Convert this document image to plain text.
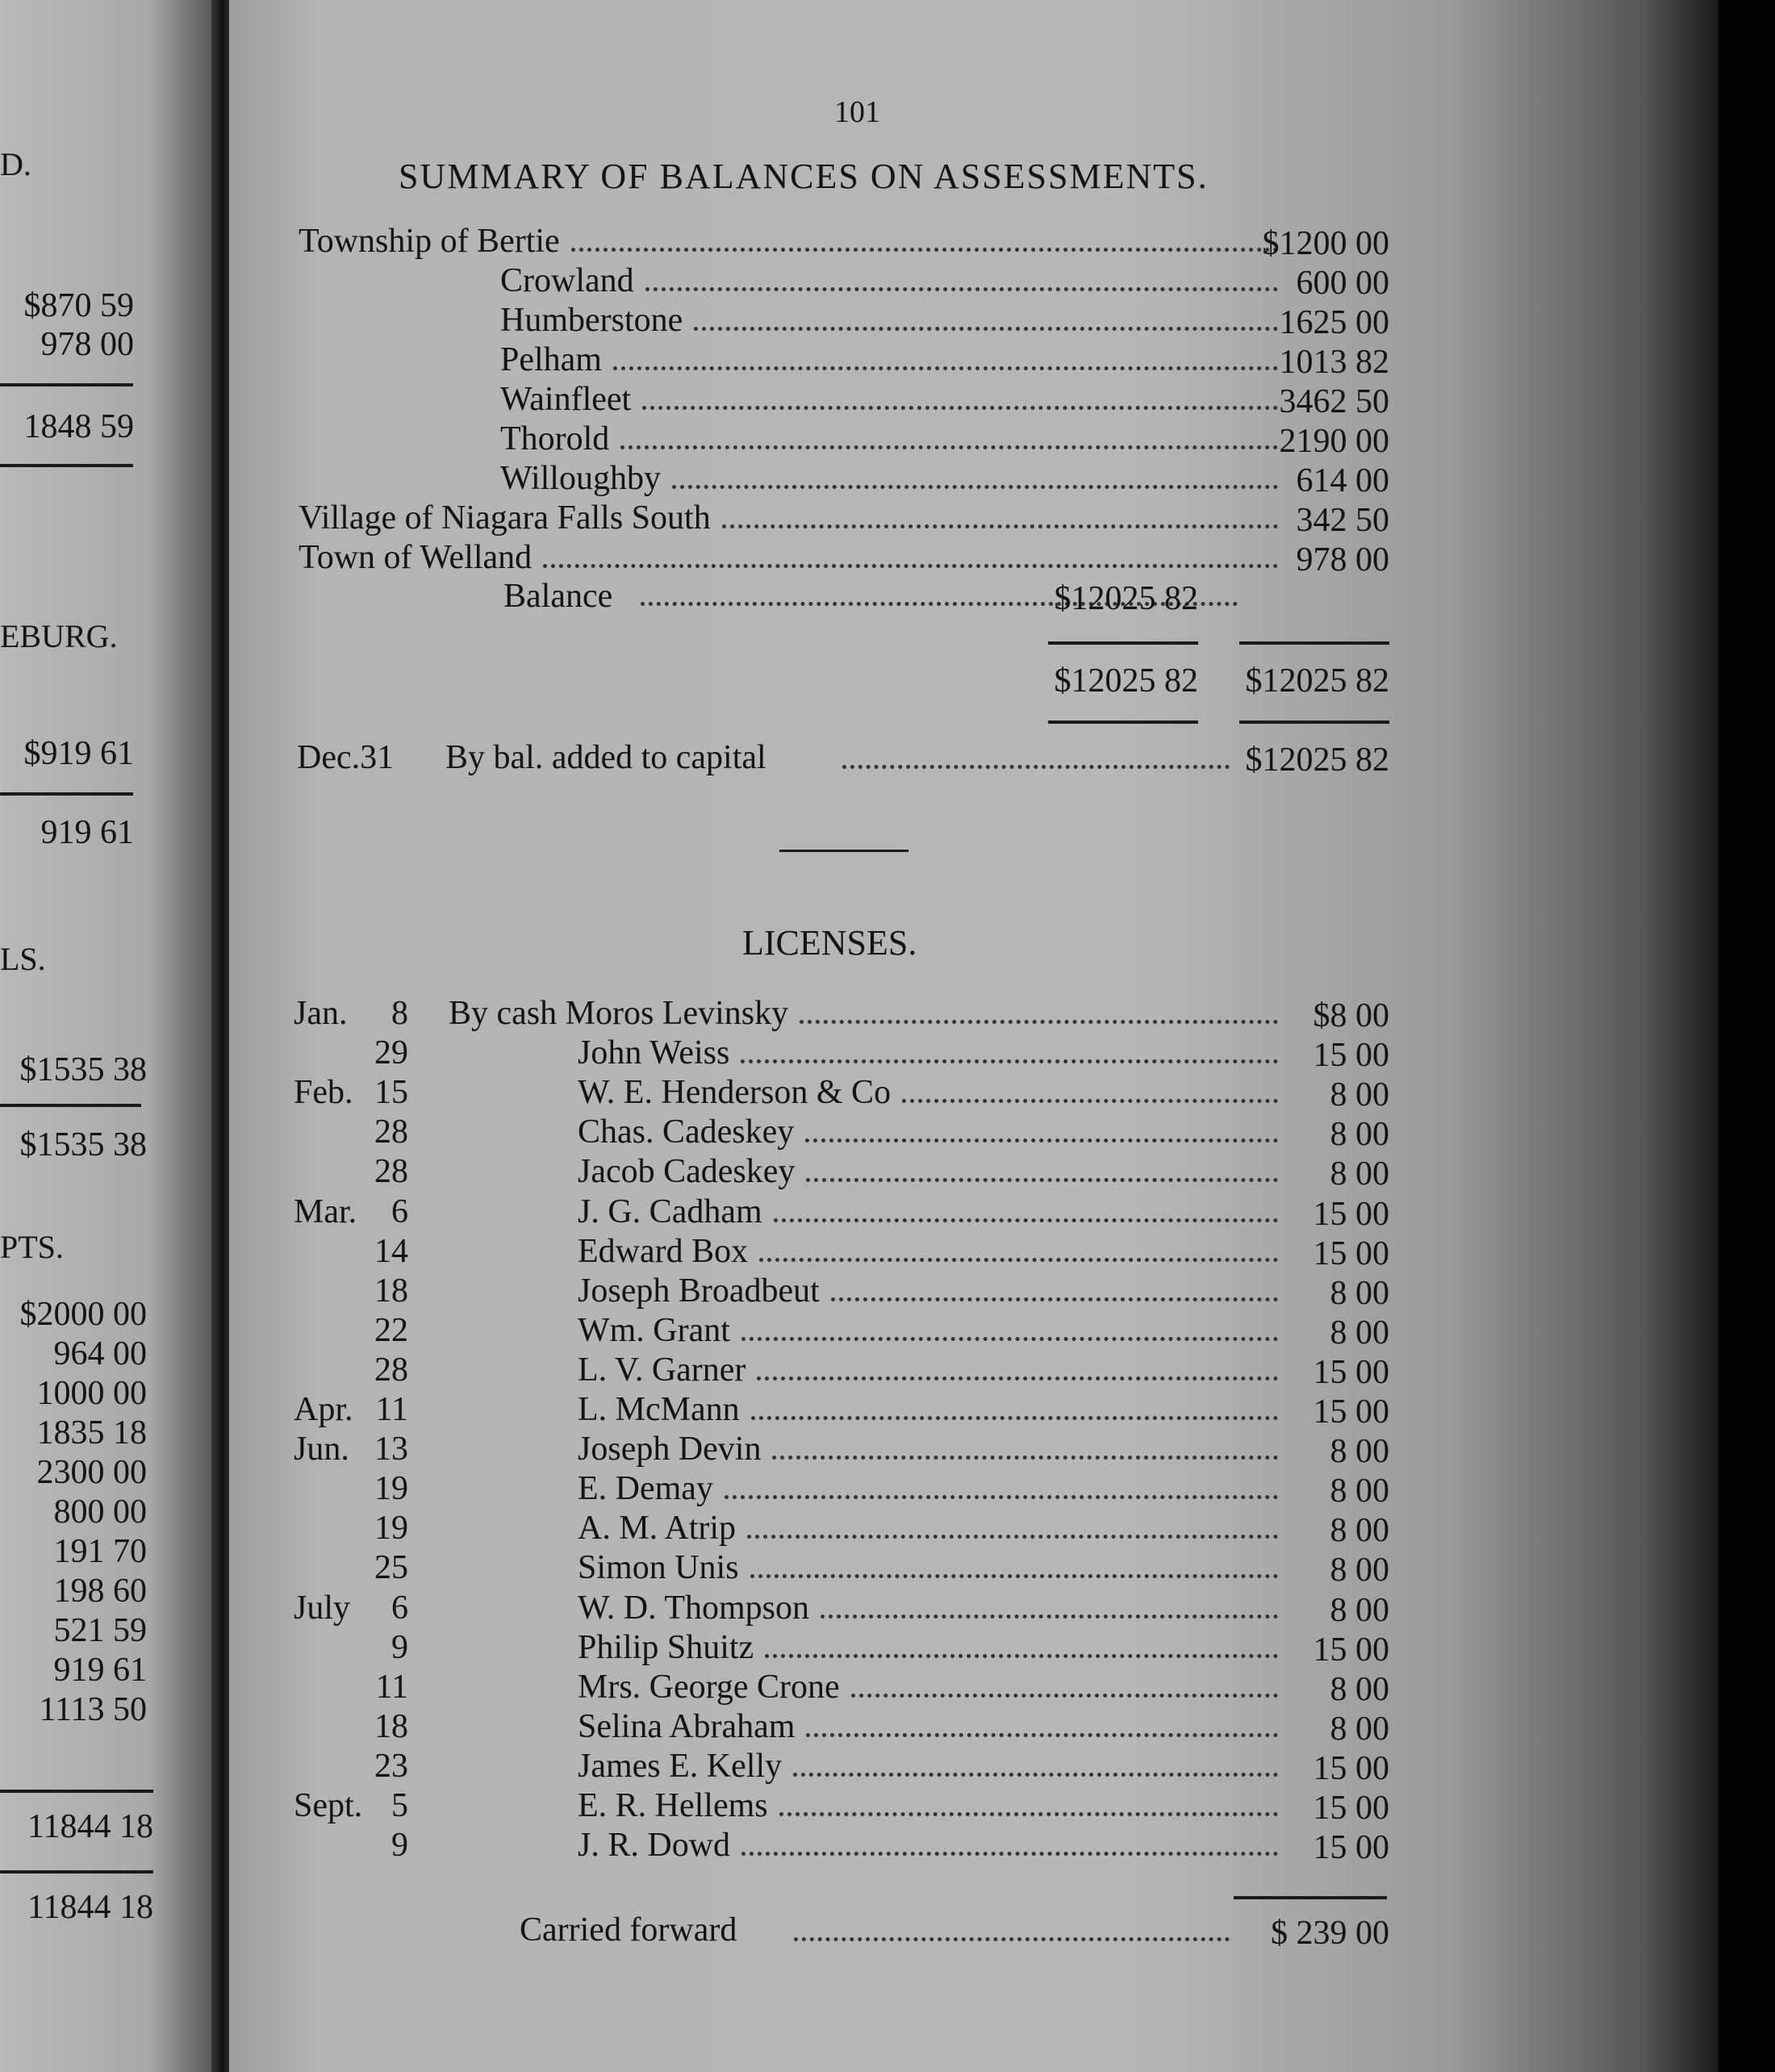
D.
$870 59
978 00
1848 59
EBURG.
$919 61
919 61
LS.
$1535 38
$1535 38
PTS.
$2000 00
964 00
1000 00
1835 18
2300 00
800 00
191 70
198 60
521 59
919 61
1113 50
11844 18
11844 18
101
SUMMARY OF BALANCES ON ASSESSMENTS.
Township of Bertie	$1200 00
Crowland	600 00
Humberstone	1625 00
Pelham	1013 82
Wainfleet	3462 50
Thorold	2190 00
Willoughby	614 00
Village of Niagara Falls South	342 50
Town of Welland	978 00
Balance	$12025 82
$12025 82 $12025 82
Dec.31 By bal. added to capital	$12025 82
LICENSES.
Jan. 8 By cash Moros Levinsky	$8 00
29	John Weiss	15 00
Feb. 15	W. E. Henderson & Co	8 00
28	Chas. Cadeskey	8 00
28	Jacob Cadeskey	8 00
Mar. 6	J. G. Cadham	15 00
14	Edward Box	15 00
18	Joseph Broadbeut	8 00
22	Wm. Grant	8 00
28	L. V. Garner	15 00
Apr. 11	L. McMann	15 00
Jun. 13	Joseph Devin	8 00
19	E. Demay	8 00
19	A. M. Atrip	8 00
25	Simon Unis	8 00
July 6	W. D. Thompson	8 00
9	Philip Shuitz	15 00
11	Mrs. George Crone	8 00
18	Selina Abraham	8 00
23	James E. Kelly	15 00
Sept. 5	E. R. Hellems	15 00
9	J. R. Dowd	15 00
Carried forward	$ 239 00
